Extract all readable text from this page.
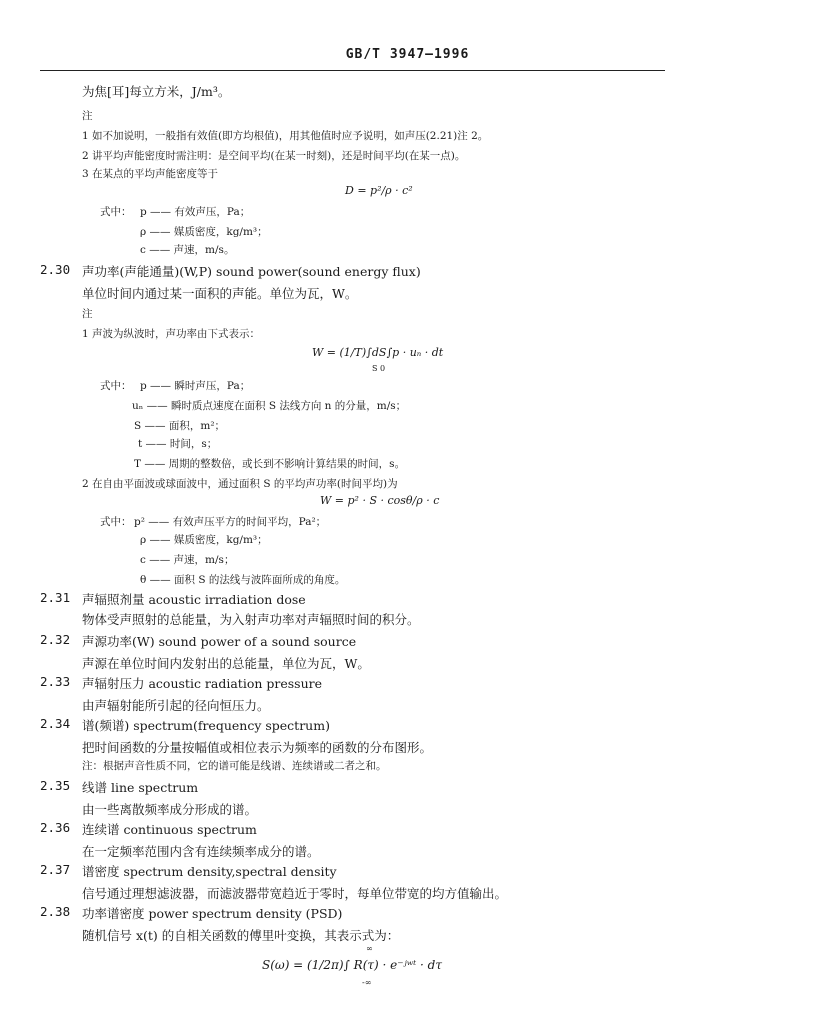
GB/T 3947—1996
为焦[耳]每立方米，J/m³。
注
1 如不加说明，一般指有效值(即方均根值)，用其他值时应予说明，如声压(2.21)注 2。
2 讲平均声能密度时需注明：是空间平均(在某一时刻)，还是时间平均(在某一点)。
3 在某点的平均声能密度等于
D = p²/ρ · c²
式中： p —— 有效声压，Pa；
ρ —— 媒质密度，kg/m³；
c —— 声速，m/s。
2.30 声功率(声能通量)(W,P) sound power(sound energy flux)
单位时间内通过某一面积的声能。单位为瓦，W。
注
1 声波为纵波时，声功率由下式表示：
W = (1/T)∫dS∫p · uₙ · dt
S 0
式中： p —— 瞬时声压，Pa；
uₙ —— 瞬时质点速度在面积 S 法线方向 n 的分量，m/s；
S —— 面积，m²；
t —— 时间，s；
T —— 周期的整数倍，或长到不影响计算结果的时间，s。
2 在自由平面波或球面波中，通过面积 S 的平均声功率(时间平均)为
W = p² · S · cosθ/ρ · c
式中： p² —— 有效声压平方的时间平均，Pa²；
ρ —— 媒质密度，kg/m³；
c —— 声速，m/s；
θ —— 面积 S 的法线与波阵面所成的角度。
2.31 声辐照剂量 acoustic irradiation dose
物体受声照射的总能量，为入射声功率对声辐照时间的积分。
2.32 声源功率(W) sound power of a sound source
声源在单位时间内发射出的总能量，单位为瓦，W。
2.33 声辐射压力 acoustic radiation pressure
由声辐射能所引起的径向恒压力。
2.34 谱(频谱) spectrum(frequency spectrum)
把时间函数的分量按幅值或相位表示为频率的函数的分布图形。
注：根据声音性质不同，它的谱可能是线谱、连续谱或二者之和。
2.35 线谱 line spectrum
由一些离散频率成分形成的谱。
2.36 连续谱 continuous spectrum
在一定频率范围内含有连续频率成分的谱。
2.37 谱密度 spectrum density,spectral density
信号通过理想滤波器，而滤波器带宽趋近于零时，每单位带宽的均方值输出。
2.38 功率谱密度 power spectrum density (PSD)
随机信号 x(t) 的自相关函数的傅里叶变换，其表示式为：
∞
S(ω) = (1/2π)∫ R(τ) · e⁻ʲʷᵗ · dτ
-∞
